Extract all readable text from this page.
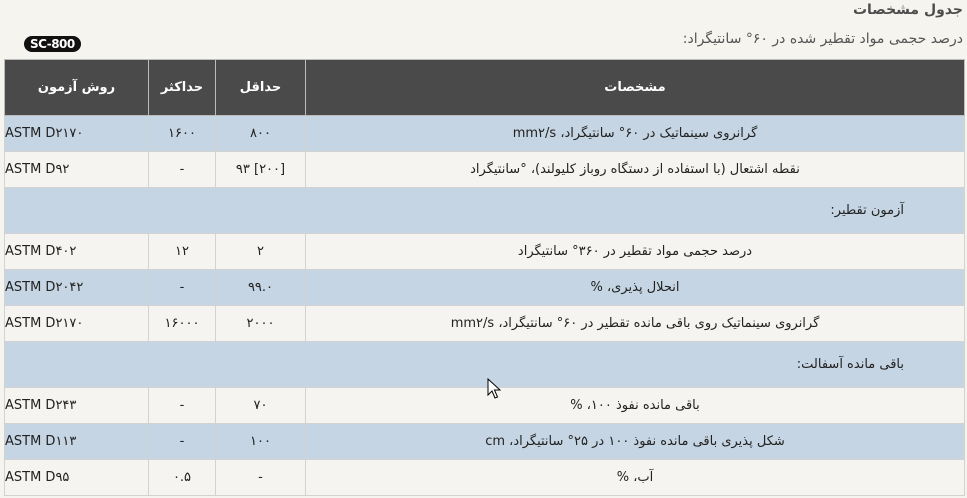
جدول مشخصات
درصد حجمی مواد تقطیر شده در ۶۰° سانتیگراد:
SC-800
مشخصات	حداقل	حداکثر	روش آزمون
گرانروی سینماتیک در ۶۰° سانتیگراد، mm۲/s	۸۰۰	۱۶۰۰	ASTM D۲۱۷۰
نقطه اشتعال (با استفاده از دستگاه روباز کلیولند)، °سانتیگراد	[۲۰۰] ۹۳	-	ASTM D۹۲
آزمون تقطیر:			
درصد حجمی مواد تقطیر در ۳۶۰° سانتیگراد	۲	۱۲	ASTM D۴۰۲
انحلال پذیری، %	۹۹.۰	-	ASTM D۲۰۴۲
گرانروی سینماتیک روی باقی مانده تقطیر در ۶۰° سانتیگراد، mm۲/s	۲۰۰۰	۱۶۰۰۰	ASTM D۲۱۷۰
باقی مانده آسفالت:			
باقی مانده نفوذ ۱۰۰، %	۷۰	-	ASTM D۲۴۳
شکل پذیری باقی مانده نفوذ ۱۰۰ در ۲۵° سانتیگراد، cm	۱۰۰	-	ASTM D۱۱۳
آب، %	-	۰.۵	ASTM D۹۵
